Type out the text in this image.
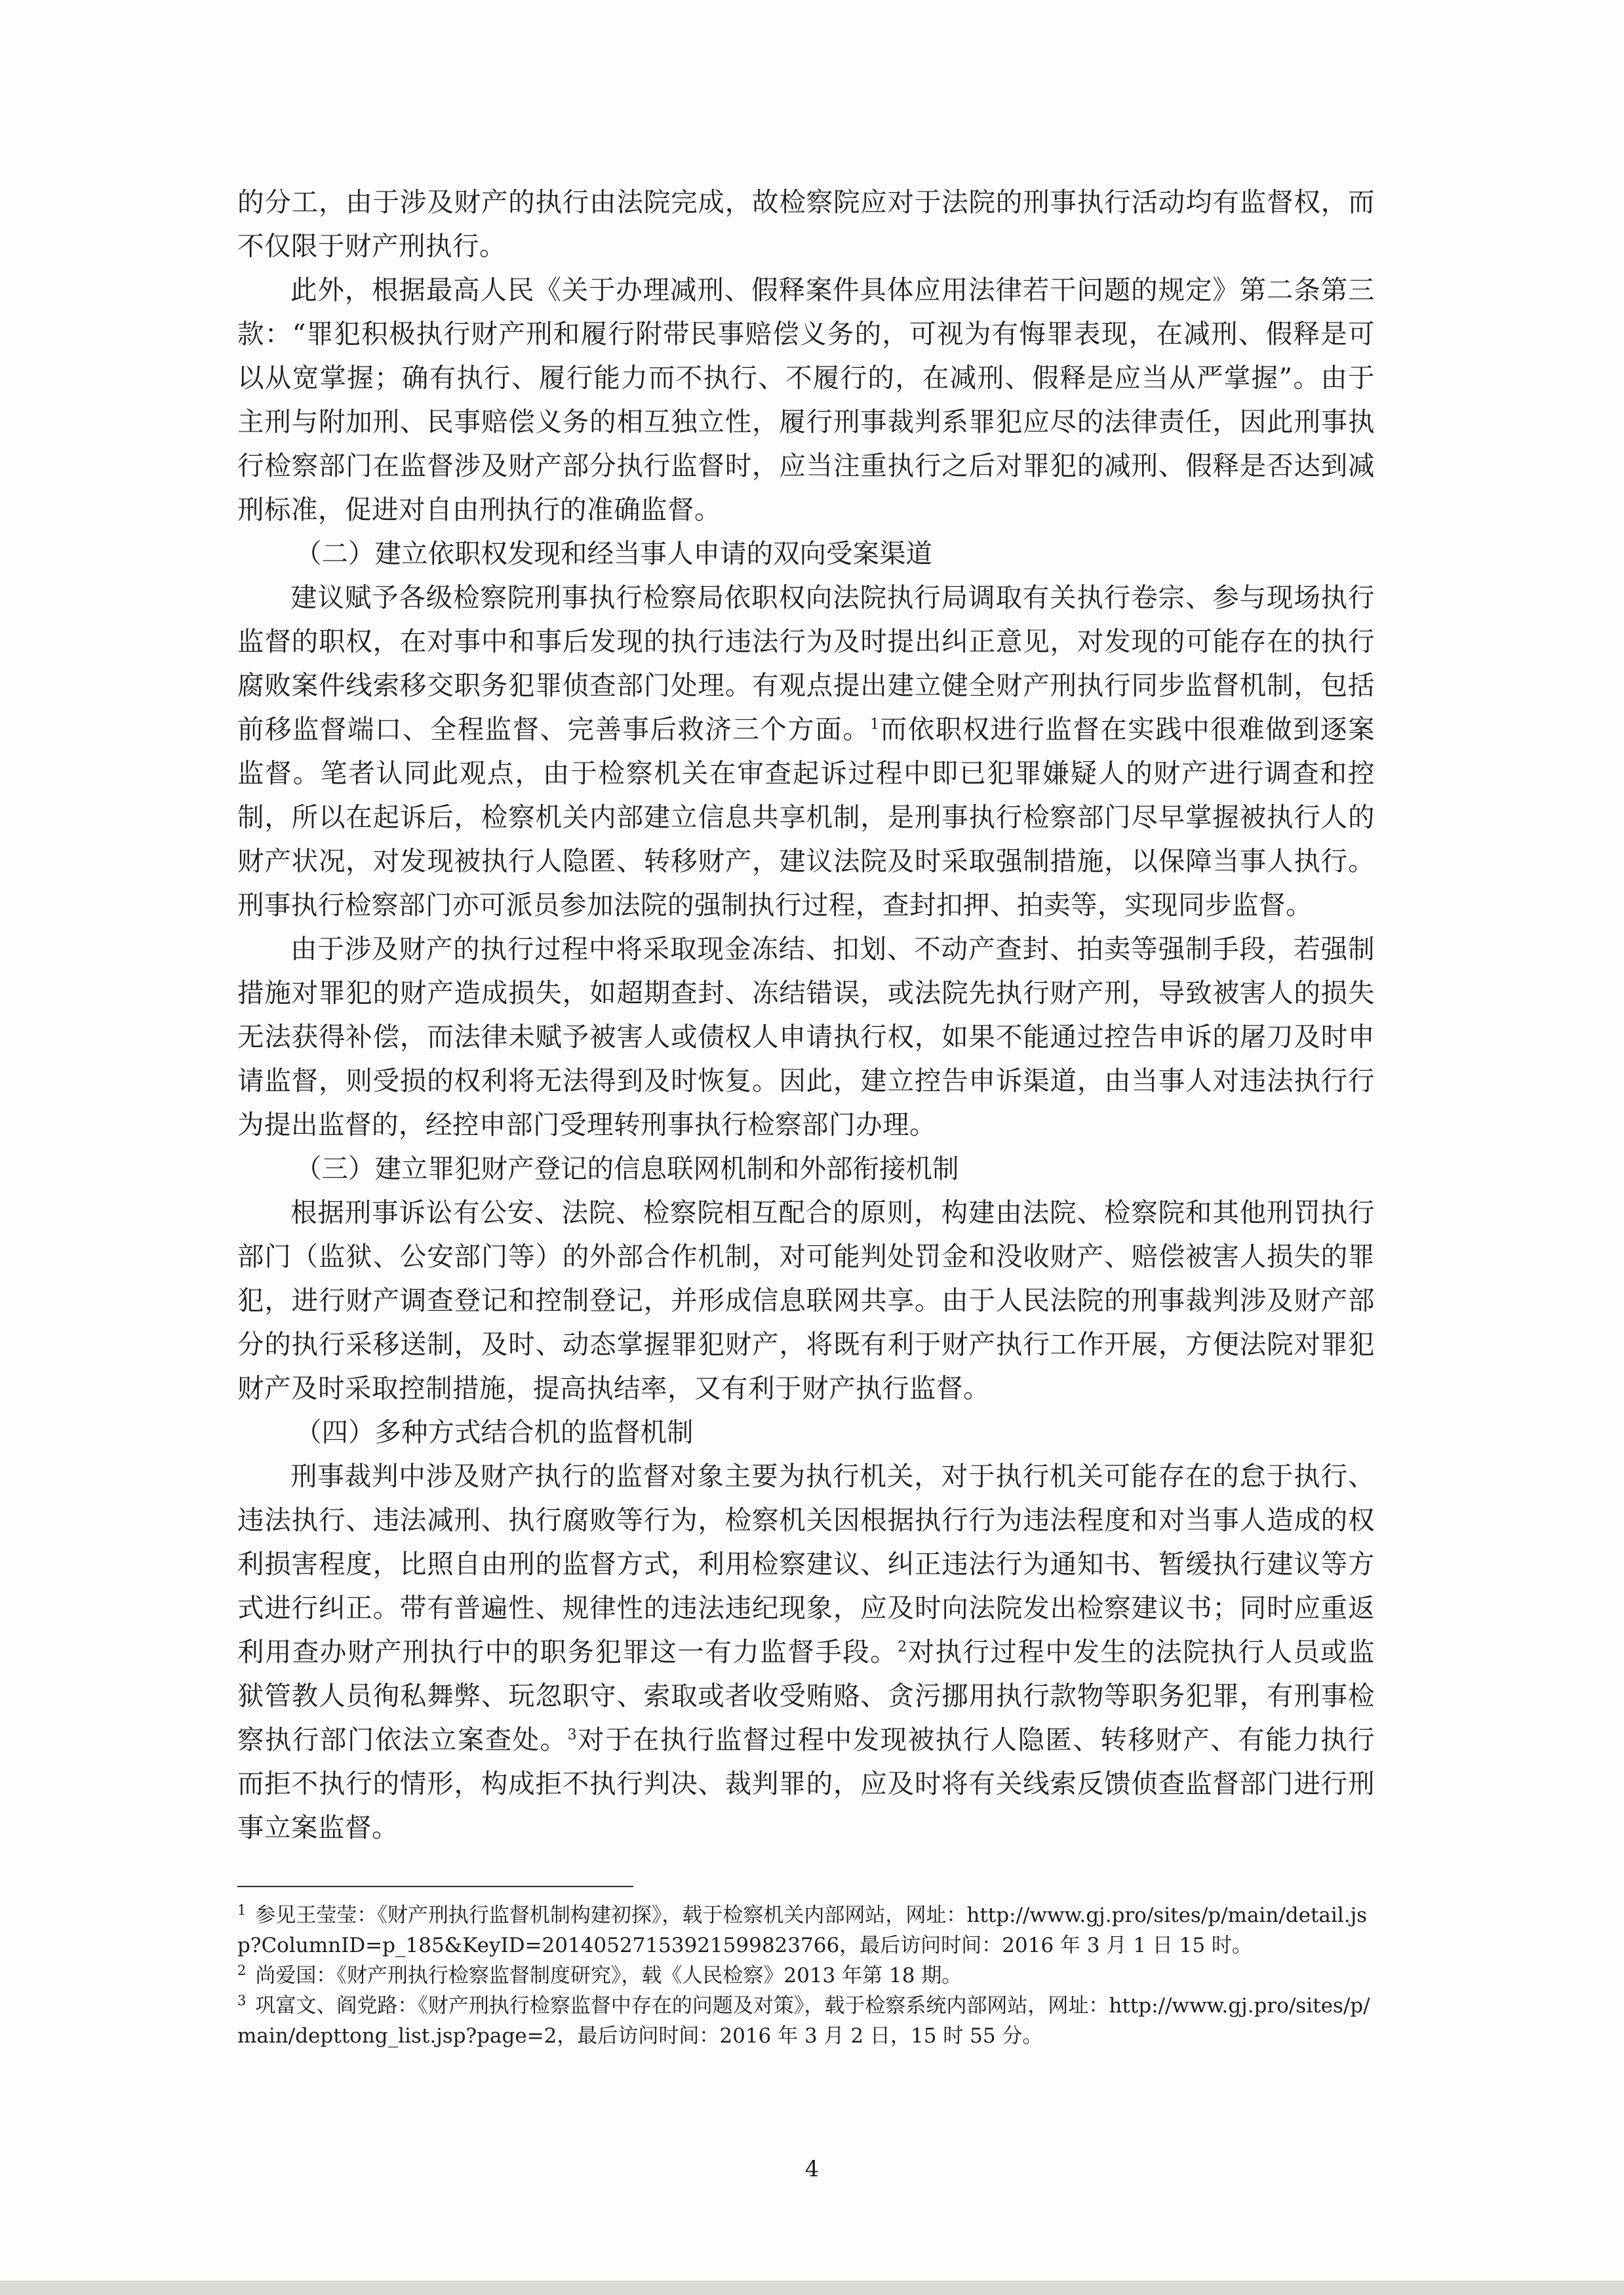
的分工，由于涉及财产的执行由法院完成，故检察院应对于法院的刑事执行活动均有监督权，而不仅限于财产刑执行。

此外，根据最高人民《关于办理减刑、假释案件具体应用法律若干问题的规定》第二条第三款：“罪犯积极执行财产刑和履行附带民事赔偿义务的，可视为有悔罪表现，在减刑、假释是可以从宽掌握；确有执行、履行能力而不执行、不履行的，在减刑、假释是应当从严掌握”。由于主刑与附加刑、民事赔偿义务的相互独立性，履行刑事裁判系罪犯应尽的法律责任，因此刑事执行检察部门在监督涉及财产部分执行监督时，应当注重执行之后对罪犯的减刑、假释是否达到减刑标准，促进对自由刑执行的准确监督。

（二）建立依职权发现和经当事人申请的双向受案渠道

建议赋予各级检察院刑事执行检察局依职权向法院执行局调取有关执行卷宗、参与现场执行监督的职权，在对事中和事后发现的执行违法行为及时提出纠正意见，对发现的可能存在的执行腐败案件线索移交职务犯罪侦查部门处理。有观点提出建立健全财产刑执行同步监督机制，包括前移监督端口、全程监督、完善事后救济三个方面。$^1$而依职权进行监督在实践中很难做到逐案监督。笔者认同此观点，由于检察机关在审查起诉过程中即已犯罪嫌疑人的财产进行调查和控制，所以在起诉后，检察机关内部建立信息共享机制，是刑事执行检察部门尽早掌握被执行人的财产状况，对发现被执行人隐匿、转移财产，建议法院及时采取强制措施，以保障当事人执行。刑事执行检察部门亦可派员参加法院的强制执行过程，查封扣押、拍卖等，实现同步监督。

由于涉及财产的执行过程中将采取现金冻结、扣划、不动产查封、拍卖等强制手段，若强制措施对罪犯的财产造成损失，如超期查封、冻结错误，或法院先执行财产刑，导致被害人的损失无法获得补偿，而法律未赋予被害人或债权人申请执行权，如果不能通过控告申诉的屠刀及时申请监督，则受损的权利将无法得到及时恢复。因此，建立控告申诉渠道，由当事人对违法执行行为提出监督的，经控申部门受理转刑事执行检察部门办理。

（三）建立罪犯财产登记的信息联网机制和外部衔接机制

根据刑事诉讼有公安、法院、检察院相互配合的原则，构建由法院、检察院和其他刑罚执行部门（监狱、公安部门等）的外部合作机制，对可能判处罚金和没收财产、赔偿被害人损失的罪犯，进行财产调查登记和控制登记，并形成信息联网共享。由于人民法院的刑事裁判涉及财产部分的执行采移送制，及时、动态掌握罪犯财产，将既有利于财产执行工作开展，方便法院对罪犯财产及时采取控制措施，提高执结率，又有利于财产执行监督。

（四）多种方式结合机的监督机制

刑事裁判中涉及财产执行的监督对象主要为执行机关，对于执行机关可能存在的怠于执行、违法执行、违法减刑、执行腐败等行为，检察机关因根据执行行为违法程度和对当事人造成的权利损害程度，比照自由刑的监督方式，利用检察建议、纠正违法行为通知书、暂缓执行建议等方式进行纠正。带有普遍性、规律性的违法违纪现象，应及时向法院发出检察建议书；同时应重返利用查办财产刑执行中的职务犯罪这一有力监督手段。$^2$对执行过程中发生的法院执行人员或监狱管教人员徇私舞弊、玩忽职守、索取或者收受贿赂、贪污挪用执行款物等职务犯罪，有刑事检察执行部门依法立案查处。$^3$对于在执行监督过程中发现被执行人隐匿、转移财产、有能力执行而拒不执行的情形，构成拒不执行判决、裁判罪的，应及时将有关线索反馈侦查监督部门进行刑事立案监督。

$^1$ 参见王莹莹：《财产刑执行监督机制构建初探》，载于检察机关内部网站，网址：http://www.gj.pro/sites/p/main/detail.jsp?ColumnID=p_185&KeyID=20140527153921599823766，最后访问时间：2016 年 3 月 1 日 15 时。

$^2$ 尚爱国：《财产刑执行检察监督制度研究》，载《人民检察》2013 年第 18 期。

$^3$ 巩富文、阎党路：《财产刑执行检察监督中存在的问题及对策》，载于检察系统内部网站，网址：http://www.gj.pro/sites/p/main/depttong_list.jsp?page=2，最后访问时间：2016 年 3 月 2 日，15 时 55 分。

4
